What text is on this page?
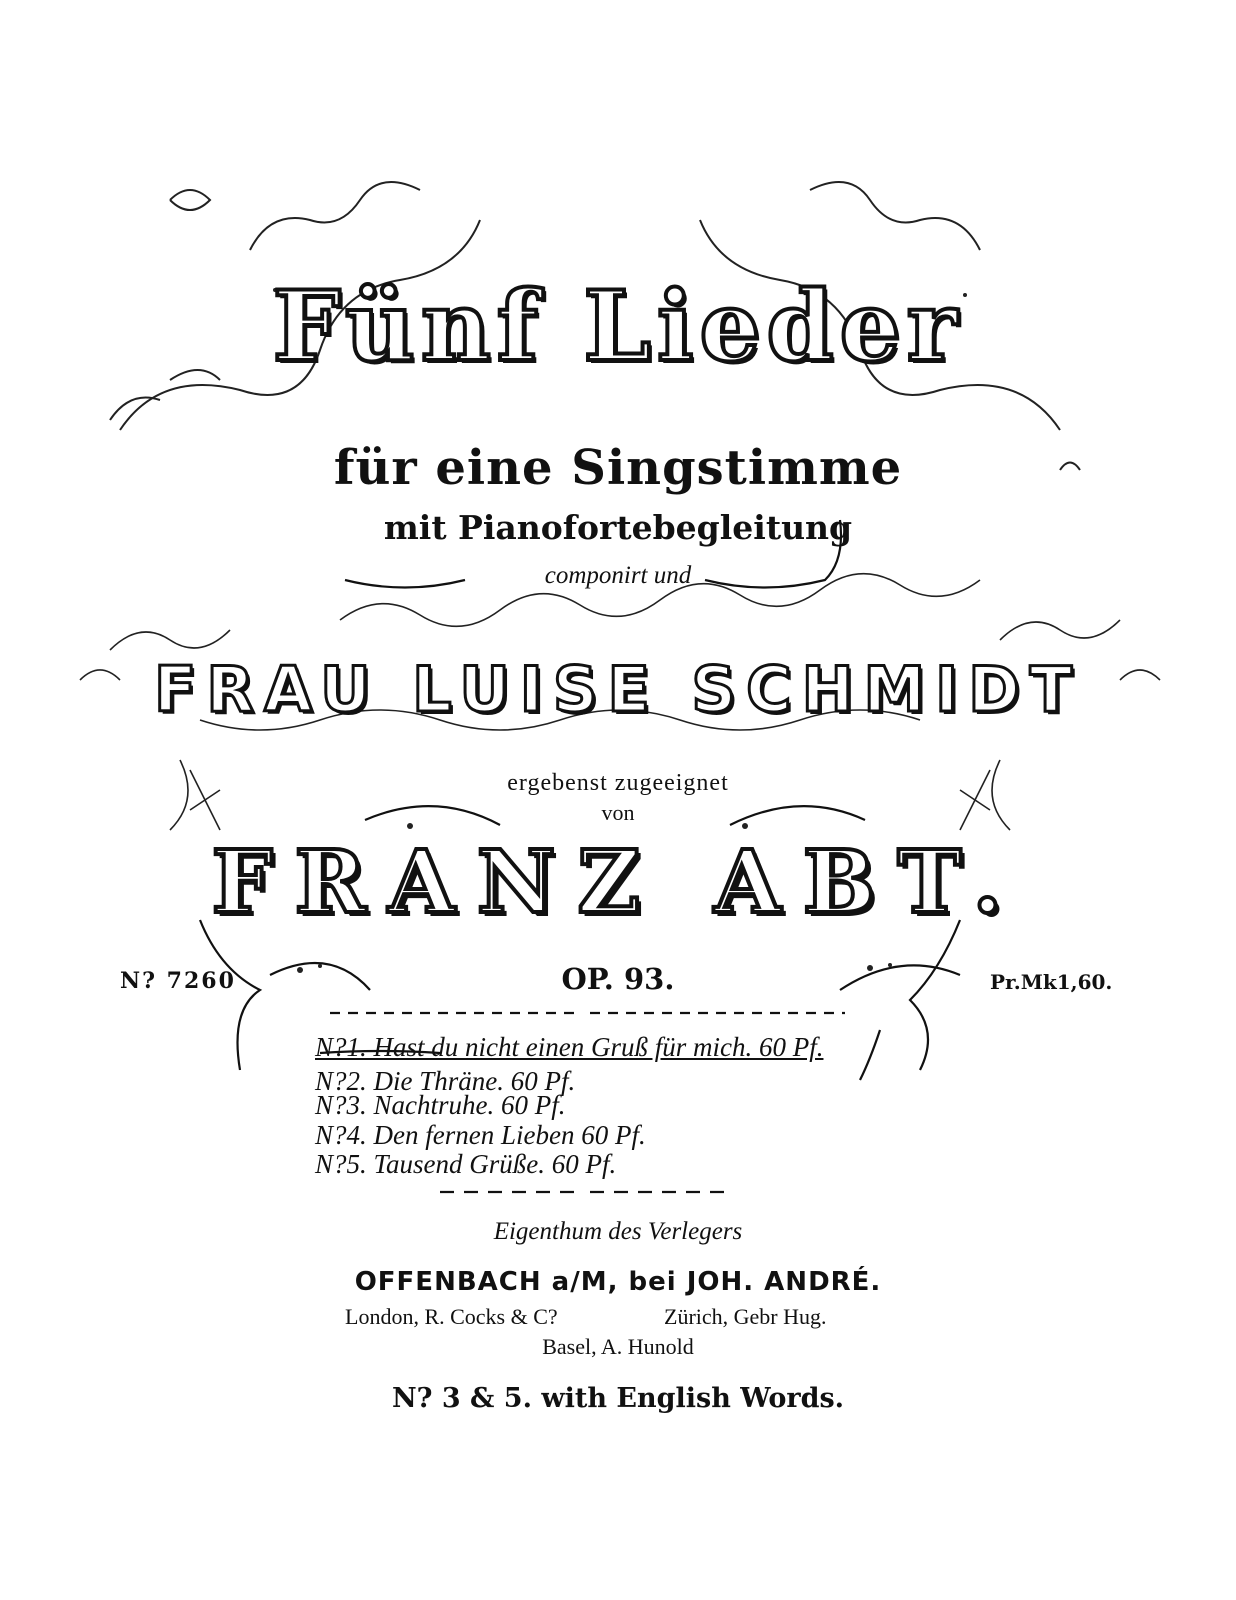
Fünf Lieder
für eine Singstimme
mit Pianofortebegleitung
componirt und
FRAU LUISE SCHMIDT
ergebenst zugeeignet
von
FRANZ ABT.
N? 7260	OP. 93.	Pr.Mk1,60.
N?1. Hast du nicht einen Gruß für mich. 60 Pf.
N?2. Die Thräne. 60 Pf.
N?3. Nachtruhe. 60 Pf.
N?4. Den fernen Lieben 60 Pf.
N?5. Tausend Grüße. 60 Pf.
Eigenthum des Verlegers
OFFENBACH a/M, bei JOH. ANDRÉ.
London, R. Cocks & C?	Zürich, Gebr Hug.
Basel, A. Hunold
N? 3 & 5. with English Words.
